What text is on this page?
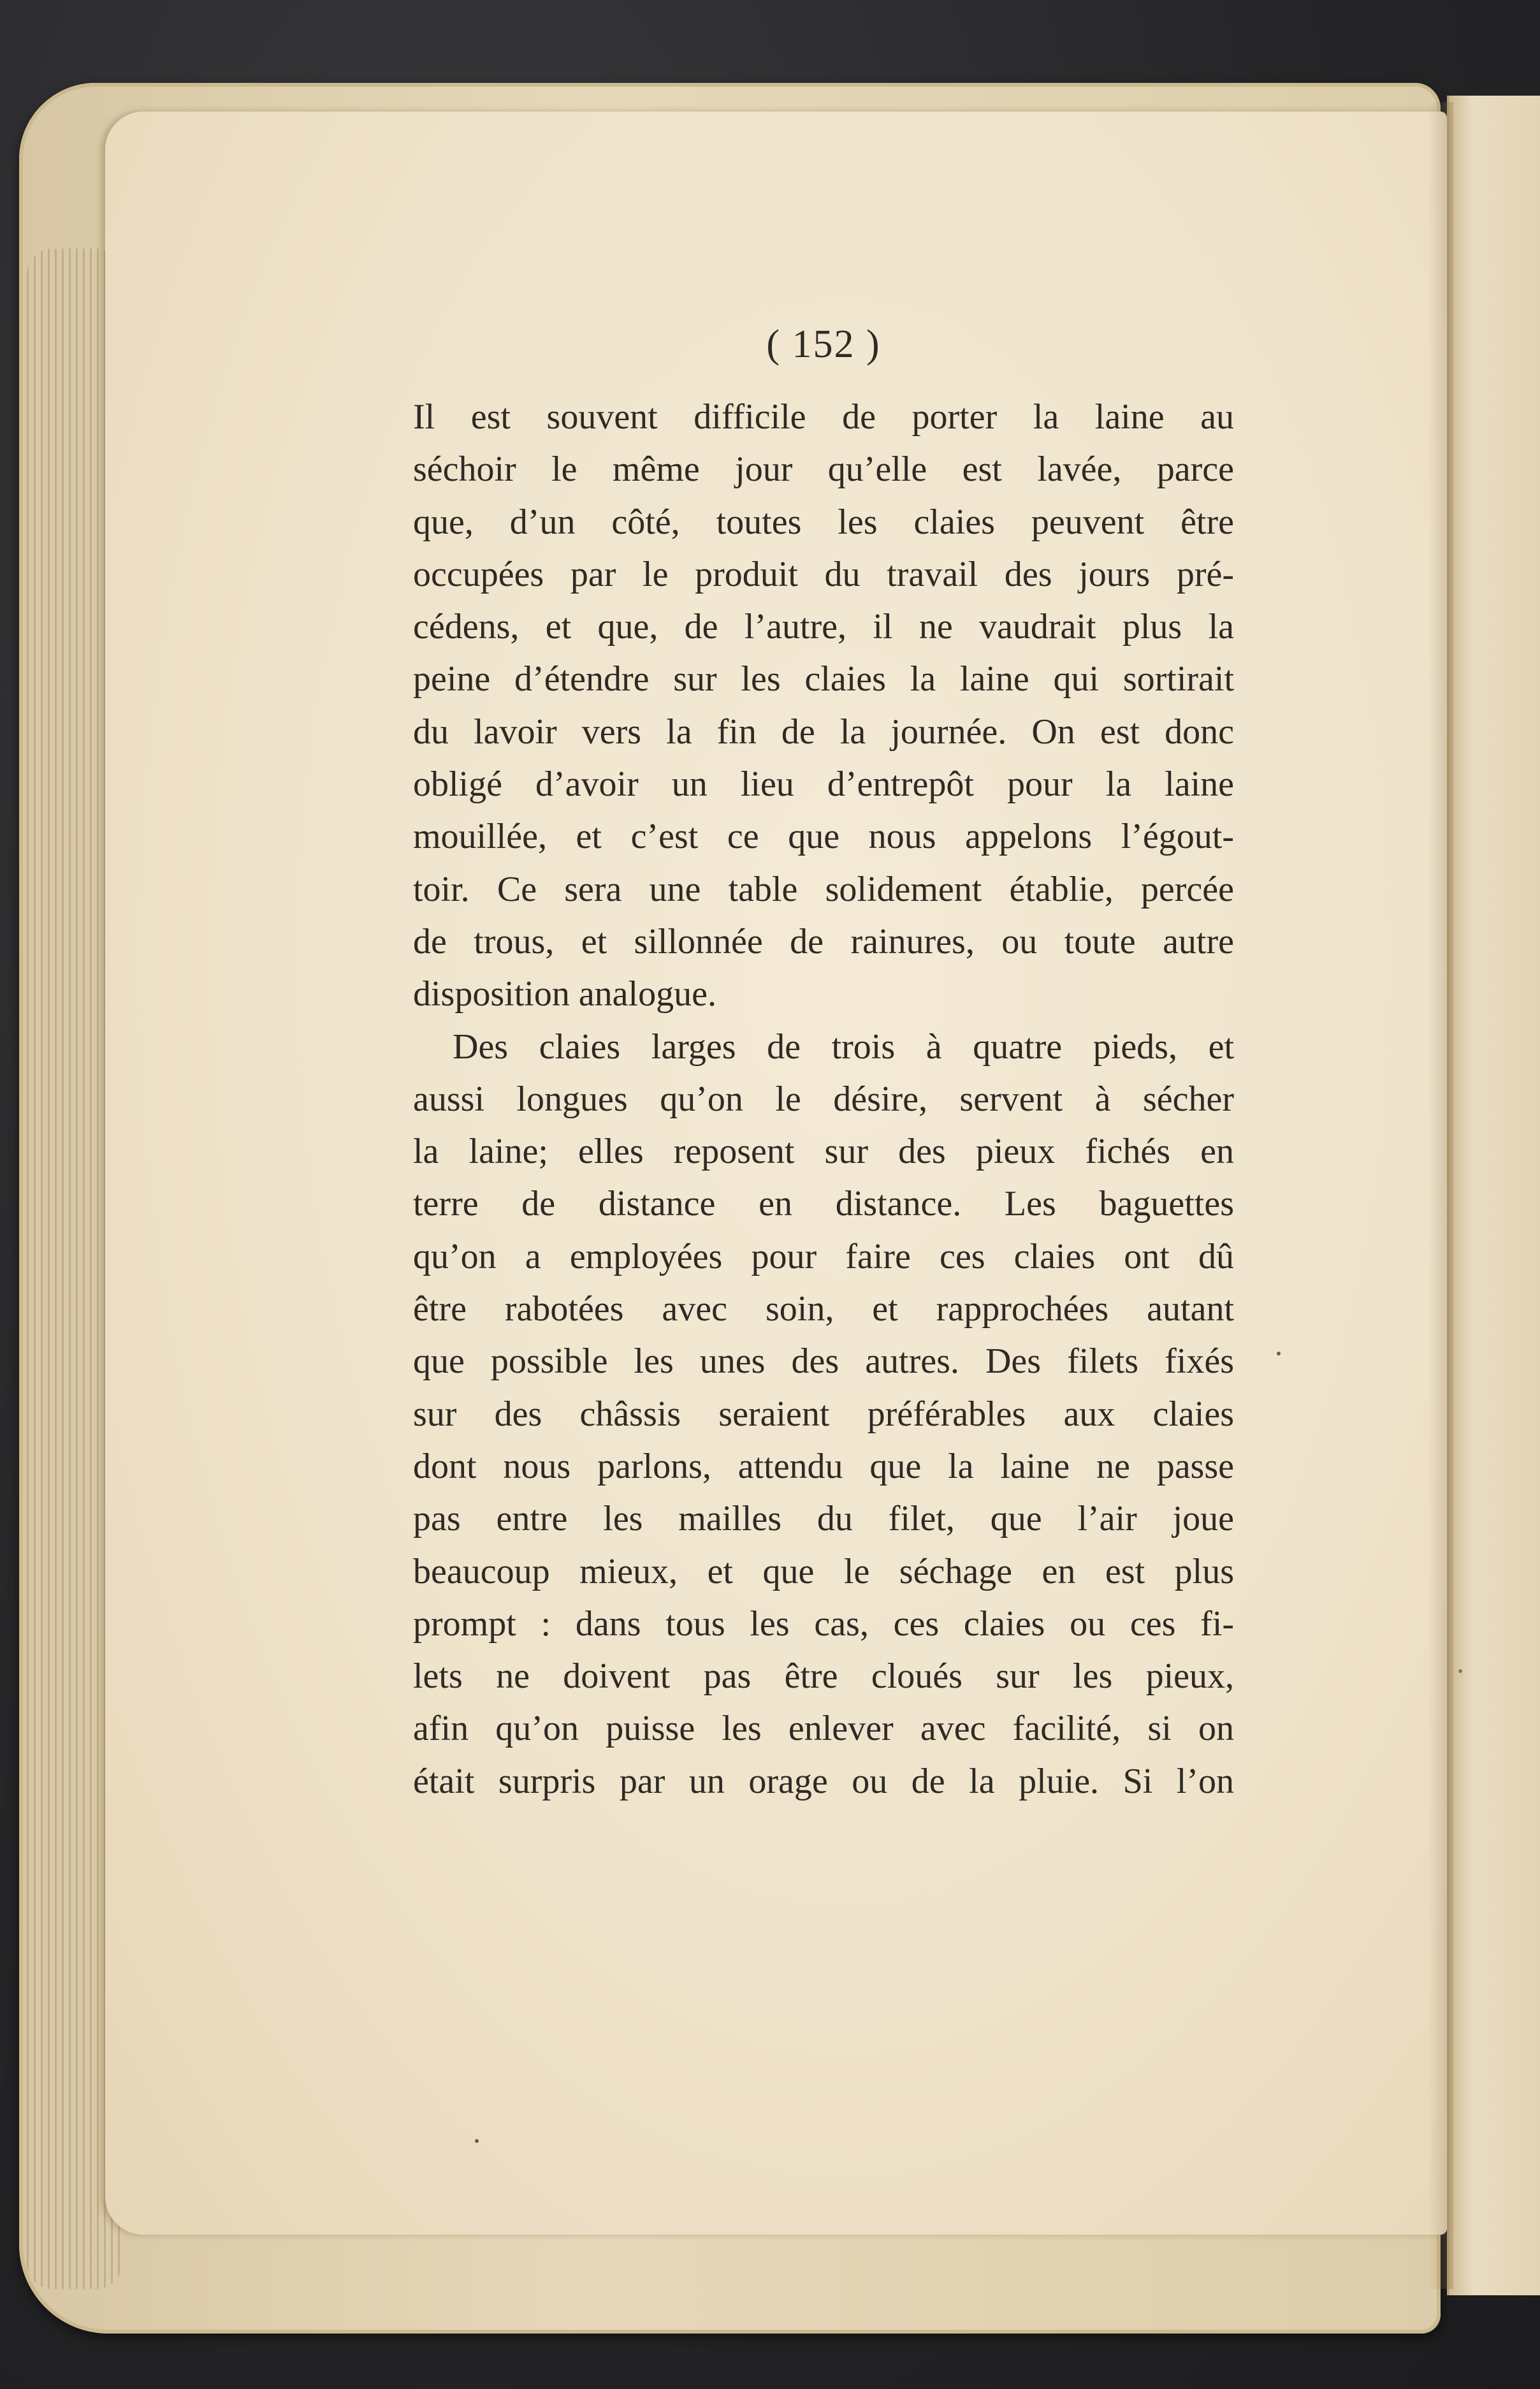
( 152 )
Il est souvent difficile de porter la laine au
séchoir le même jour qu’elle est lavée, parce
que, d’un côté, toutes les claies peuvent être
occupées par le produit du travail des jours pré-
cédens, et que, de l’autre, il ne vaudrait plus la
peine d’étendre sur les claies la laine qui sortirait
du lavoir vers la fin de la journée. On est donc
obligé d’avoir un lieu d’entrepôt pour la laine
mouillée, et c’est ce que nous appelons l’égout-
toir. Ce sera une table solidement établie, percée
de trous, et sillonnée de rainures, ou toute autre
disposition analogue.
Des claies larges de trois à quatre pieds, et
aussi longues qu’on le désire, servent à sécher
la laine; elles reposent sur des pieux fichés en
terre de distance en distance. Les baguettes
qu’on a employées pour faire ces claies ont dû
être rabotées avec soin, et rapprochées autant
que possible les unes des autres. Des filets fixés
sur des châssis seraient préférables aux claies
dont nous parlons, attendu que la laine ne passe
pas entre les mailles du filet, que l’air joue
beaucoup mieux, et que le séchage en est plus
prompt : dans tous les cas, ces claies ou ces fi-
lets ne doivent pas être cloués sur les pieux,
afin qu’on puisse les enlever avec facilité, si on
était surpris par un orage ou de la pluie. Si l’on
